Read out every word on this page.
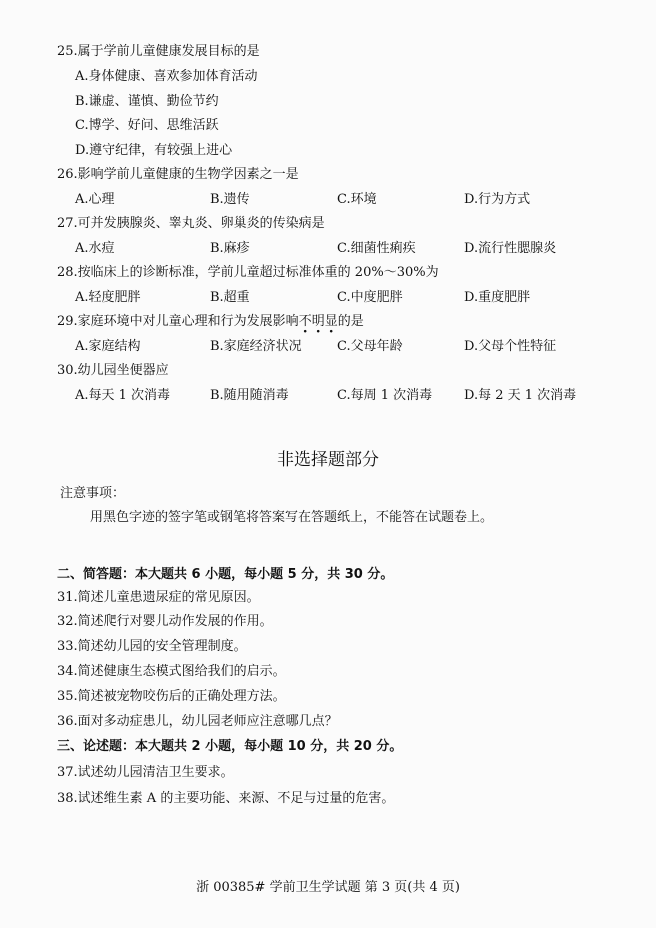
25.属于学前儿童健康发展目标的是
A.身体健康、喜欢参加体育活动
B.谦虚、谨慎、勤俭节约
C.博学、好问、思维活跃
D.遵守纪律，有较强上进心
26.影响学前儿童健康的生物学因素之一是
A.心理	B.遗传	C.环境	D.行为方式
27.可并发胰腺炎、睾丸炎、卵巢炎的传染病是
A.水痘	B.麻疹	C.细菌性痢疾	D.流行性腮腺炎
28.按临床上的诊断标准，学前儿童超过标准体重的 20%～30%为
A.轻度肥胖	B.超重	C.中度肥胖	D.重度肥胖
29.家庭环境中对儿童心理和行为发展影响不明显的是
A.家庭结构	B.家庭经济状况	C.父母年龄	D.父母个性特征
30.幼儿园坐便器应
A.每天 1 次消毒	B.随用随消毒	C.每周 1 次消毒 D.每 2 天 1 次消毒
非选择题部分
注意事项：
用黑色字迹的签字笔或钢笔将答案写在答题纸上，不能答在试题卷上。
二、简答题：本大题共 6 小题，每小题 5 分，共 30 分。
31.简述儿童患遗尿症的常见原因。
32.简述爬行对婴儿动作发展的作用。
33.简述幼儿园的安全管理制度。
34.简述健康生态模式图给我们的启示。
35.简述被宠物咬伤后的正确处理方法。
36.面对多动症患儿，幼儿园老师应注意哪几点？
三、论述题：本大题共 2 小题，每小题 10 分，共 20 分。
37.试述幼儿园清洁卫生要求。
38.试述维生素 A 的主要功能、来源、不足与过量的危害。
浙 00385# 学前卫生学试题 第 3 页(共 4 页)
